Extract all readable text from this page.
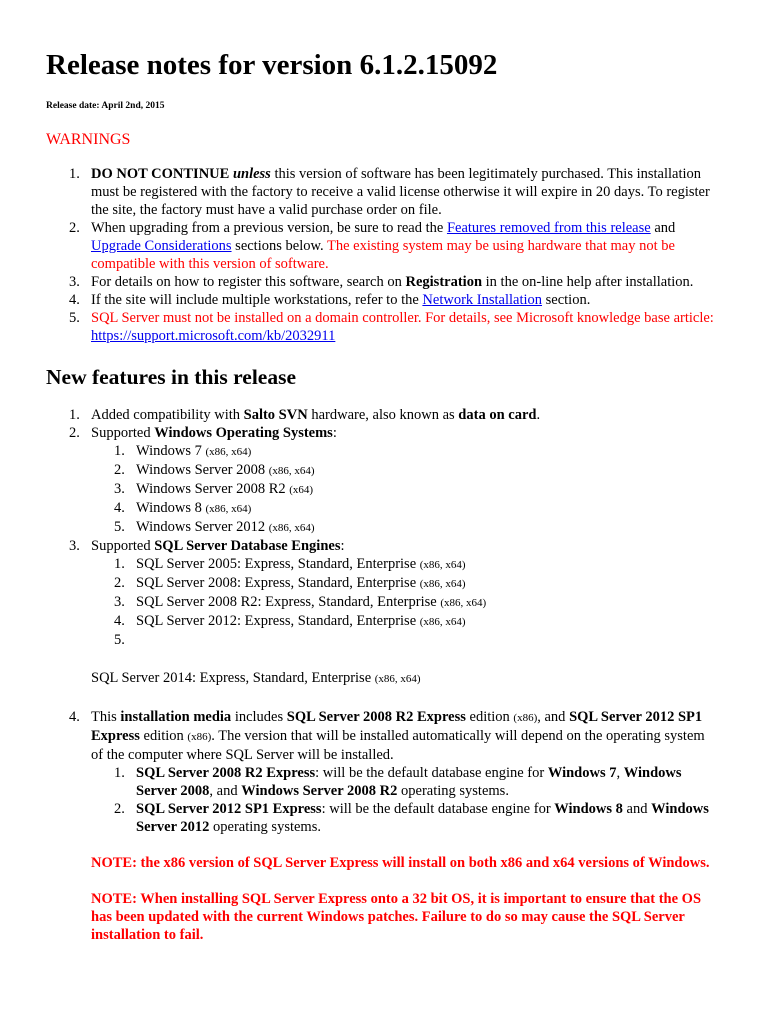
Release notes for version 6.1.2.15092

Release date: April 2nd, 2015

WARNINGS

1. DO NOT CONTINUE unless this version of software has been legitimately purchased. This installation must be registered with the factory to receive a valid license otherwise it will expire in 20 days. To register the site, the factory must have a valid purchase order on file.
2. When upgrading from a previous version, be sure to read the Features removed from this release and Upgrade Considerations sections below. The existing system may be using hardware that may not be compatible with this version of software.
3. For details on how to register this software, search on Registration in the on-line help after installation.
4. If the site will include multiple workstations, refer to the Network Installation section.
5. SQL Server must not be installed on a domain controller. For details, see Microsoft knowledge base article: https://support.microsoft.com/kb/2032911
New features in this release
1. Added compatibility with Salto SVN hardware, also known as data on card.
2. Supported Windows Operating Systems:
1. Windows 7 (x86, x64)
2. Windows Server 2008 (x86, x64)
3. Windows Server 2008 R2 (x64)
4. Windows 8 (x86, x64)
5. Windows Server 2012 (x86, x64)
3. Supported SQL Server Database Engines:
1. SQL Server 2005: Express, Standard, Enterprise (x86, x64)
2. SQL Server 2008: Express, Standard, Enterprise (x86, x64)
3. SQL Server 2008 R2: Express, Standard, Enterprise (x86, x64)
4. SQL Server 2012: Express, Standard, Enterprise (x86, x64)
5.

SQL Server 2014: Express, Standard, Enterprise (x86, x64)
4. This installation media includes SQL Server 2008 R2 Express edition (x86), and SQL Server 2012 SP1 Express edition (x86). The version that will be installed automatically will depend on the operating system of the computer where SQL Server will be installed.
1. SQL Server 2008 R2 Express: will be the default database engine for Windows 7, Windows Server 2008, and Windows Server 2008 R2 operating systems.
2. SQL Server 2012 SP1 Express: will be the default database engine for Windows 8 and Windows Server 2012 operating systems.

NOTE: the x86 version of SQL Server Express will install on both x86 and x64 versions of Windows.

NOTE: When installing SQL Server Express onto a 32 bit OS, it is important to ensure that the OS has been updated with the current Windows patches. Failure to do so may cause the SQL Server installation to fail.
